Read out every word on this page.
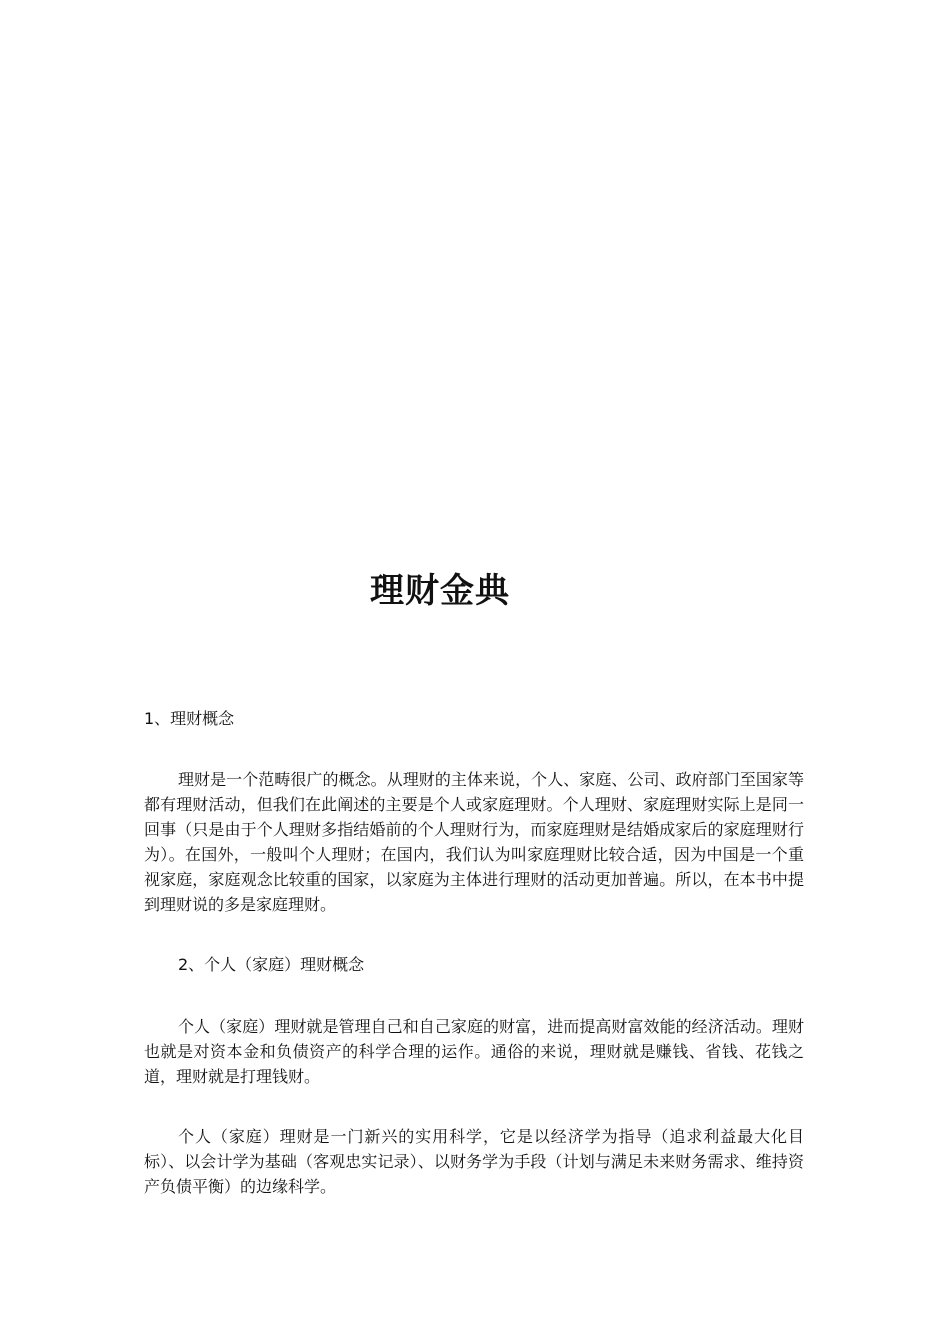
理财金典

1、理财概念

理财是一个范畴很广的概念。从理财的主体来说，个人、家庭、公司、政府部门至国家等都有理财活动，但我们在此阐述的主要是个人或家庭理财。个人理财、家庭理财实际上是同一回事（只是由于个人理财多指结婚前的个人理财行为，而家庭理财是结婚成家后的家庭理财行为）。在国外，一般叫个人理财；在国内，我们认为叫家庭理财比较合适，因为中国是一个重视家庭，家庭观念比较重的国家，以家庭为主体进行理财的活动更加普遍。所以，在本书中提到理财说的多是家庭理财。

2、个人（家庭）理财概念

个人（家庭）理财就是管理自己和自己家庭的财富，进而提高财富效能的经济活动。理财也就是对资本金和负债资产的科学合理的运作。通俗的来说，理财就是赚钱、省钱、花钱之道，理财就是打理钱财。

个人（家庭）理财是一门新兴的实用科学，它是以经济学为指导（追求利益最大化目标）、以会计学为基础（客观忠实记录）、以财务学为手段（计划与满足未来财务需求、维持资产负债平衡）的边缘科学。
